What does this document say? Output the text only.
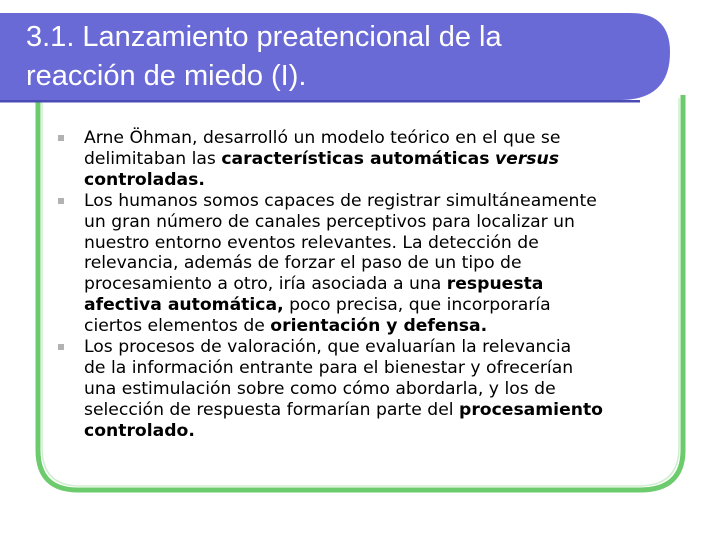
3.1. Lanzamiento preatencional de la
reacción de miedo (I).
Arne Öhman, desarrolló un modelo teórico en el que se
delimitaban las características automáticas versus
controladas.
Los humanos somos capaces de registrar simultáneamente
un gran número de canales perceptivos para localizar un
nuestro entorno eventos relevantes. La detección de
relevancia, además de forzar el paso de un tipo de
procesamiento a otro, iría asociada a una respuesta
afectiva automática, poco precisa, que incorporaría
ciertos elementos de orientación y defensa.
Los procesos de valoración, que evaluarían la relevancia
de la información entrante para el bienestar y ofrecerían
una estimulación sobre como cómo abordarla, y los de
selección de respuesta formarían parte del procesamiento
controlado.
